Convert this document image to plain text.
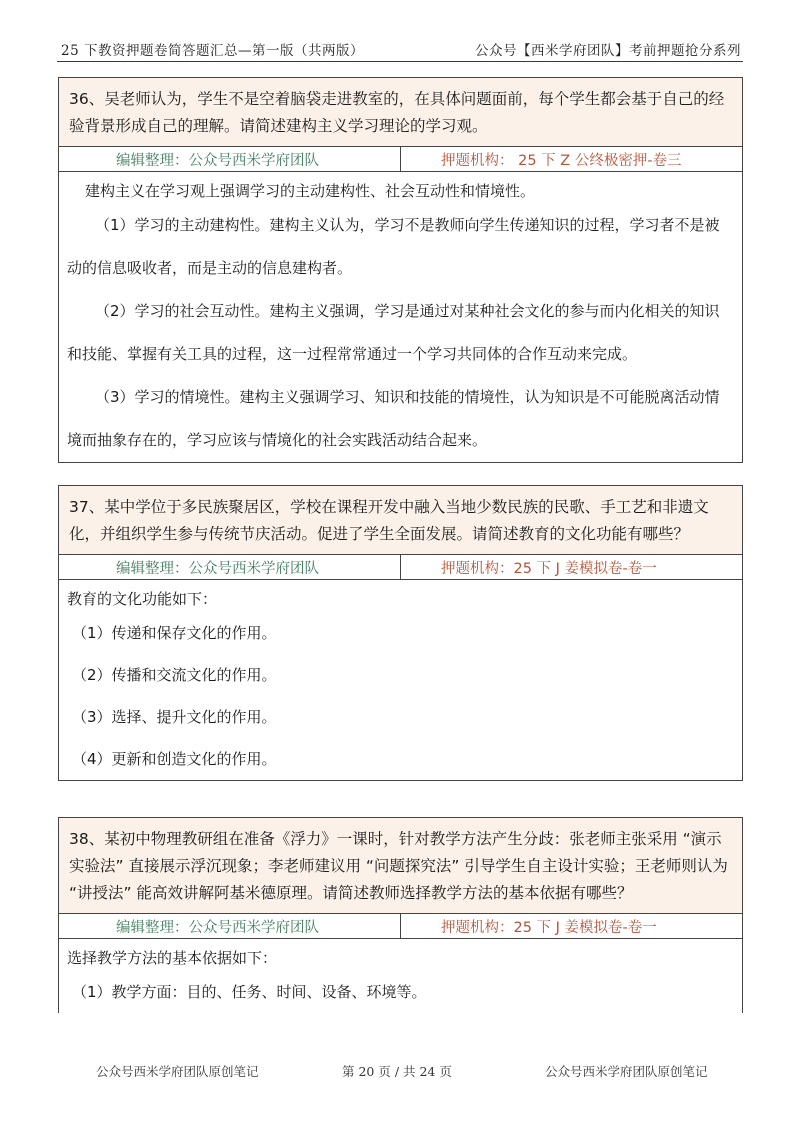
25 下教资押题卷简答题汇总—第一版（共两版）	公众号【西米学府团队】考前押题抢分系列
36、吴老师认为，学生不是空着脑袋走进教室的，在具体问题面前，每个学生都会基于自己的经验背景形成自己的理解。请简述建构主义学习理论的学习观。
编辑整理：公众号西米学府团队	押题机构： 25 下 Z 公终极密押-卷三
建构主义在学习观上强调学习的主动建构性、社会互动性和情境性。

（1）学习的主动建构性。建构主义认为，学习不是教师向学生传递知识的过程，学习者不是被动的信息吸收者，而是主动的信息建构者。

（2）学习的社会互动性。建构主义强调，学习是通过对某种社会文化的参与而内化相关的知识和技能、掌握有关工具的过程，这一过程常常通过一个学习共同体的合作互动来完成。

（3）学习的情境性。建构主义强调学习、知识和技能的情境性，认为知识是不可能脱离活动情境而抽象存在的，学习应该与情境化的社会实践活动结合起来。

37、某中学位于多民族聚居区，学校在课程开发中融入当地少数民族的民歌、手工艺和非遗文化，并组织学生参与传统节庆活动。促进了学生全面发展。请简述教育的文化功能有哪些？
编辑整理：公众号西米学府团队	押题机构：25 下 J 姜模拟卷-卷一
教育的文化功能如下：

（1）传递和保存文化的作用。

（2）传播和交流文化的作用。

（3）选择、提升文化的作用。

（4）更新和创造文化的作用。

38、某初中物理教研组在准备《浮力》一课时，针对教学方法产生分歧：张老师主张采用 “演示实验法” 直接展示浮沉现象；李老师建议用 “问题探究法” 引导学生自主设计实验；王老师则认为 “讲授法” 能高效讲解阿基米德原理。请简述教师选择教学方法的基本依据有哪些？
编辑整理：公众号西米学府团队	押题机构：25 下 J 姜模拟卷-卷一
选择教学方法的基本依据如下：

（1）教学方面：目的、任务、时间、设备、环境等。

公众号西米学府团队原创笔记	第 20 页 / 共 24 页	公众号西米学府团队原创笔记
